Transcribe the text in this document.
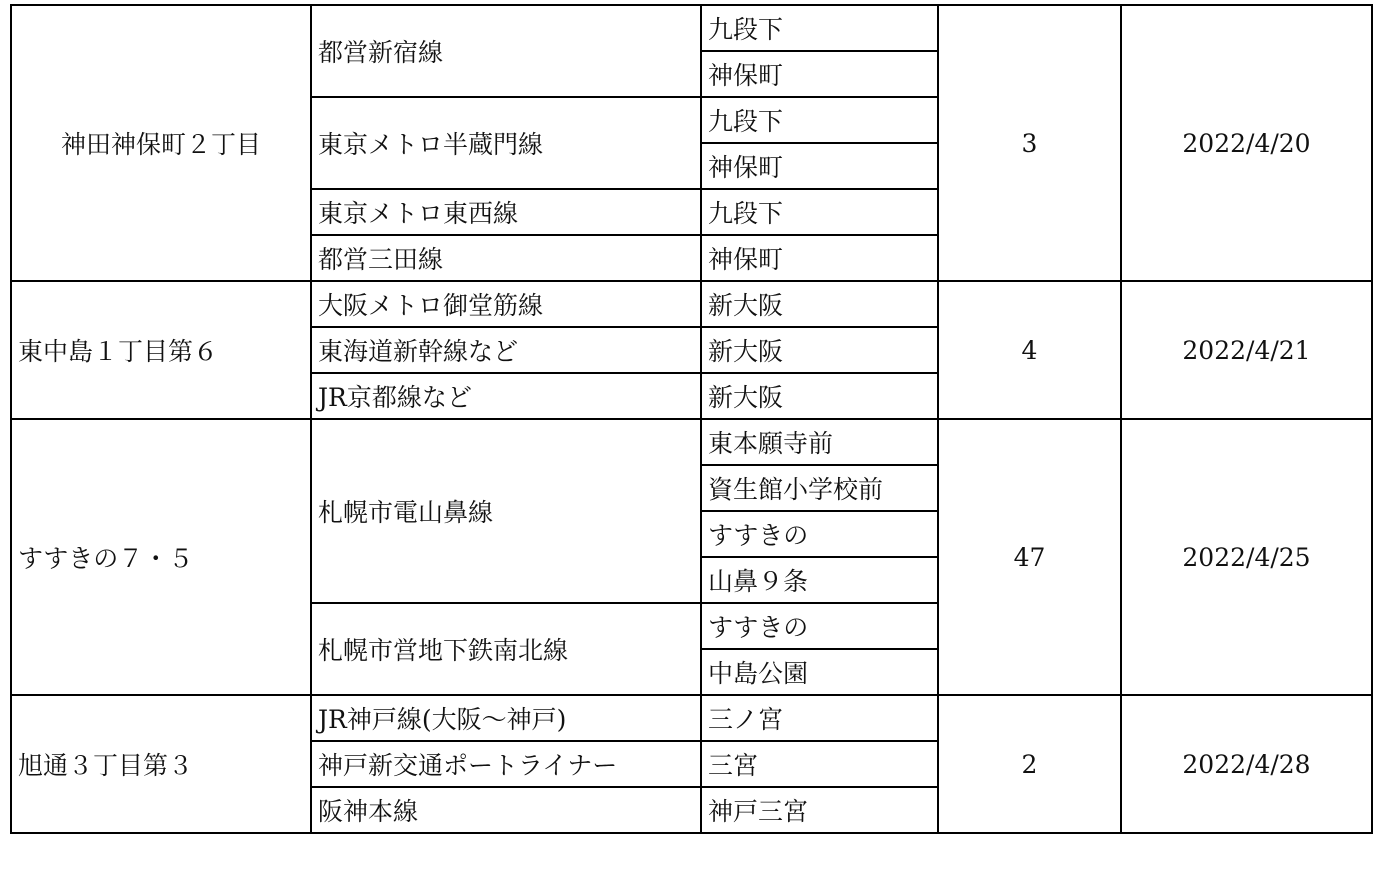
神田神保町２丁目	都営新宿線	九段下	3	2022/4/20
		神保町		
	東京メトロ半蔵門線	九段下		
		神保町		
	東京メトロ東西線	九段下		
	都営三田線	神保町		
東中島１丁目第６	大阪メトロ御堂筋線	新大阪	4	2022/4/21
	東海道新幹線など	新大阪		
	JR京都線など	新大阪		
すすきの７・５	札幌市電山鼻線	東本願寺前	47	2022/4/25
		資生館小学校前		
		すすきの		
		山鼻９条		
	札幌市営地下鉄南北線	すすきの		
		中島公園		
旭通３丁目第３	JR神戸線(大阪～神戸)	三ノ宮	2	2022/4/28
	神戸新交通ポートライナー	三宮		
	阪神本線	神戸三宮		
